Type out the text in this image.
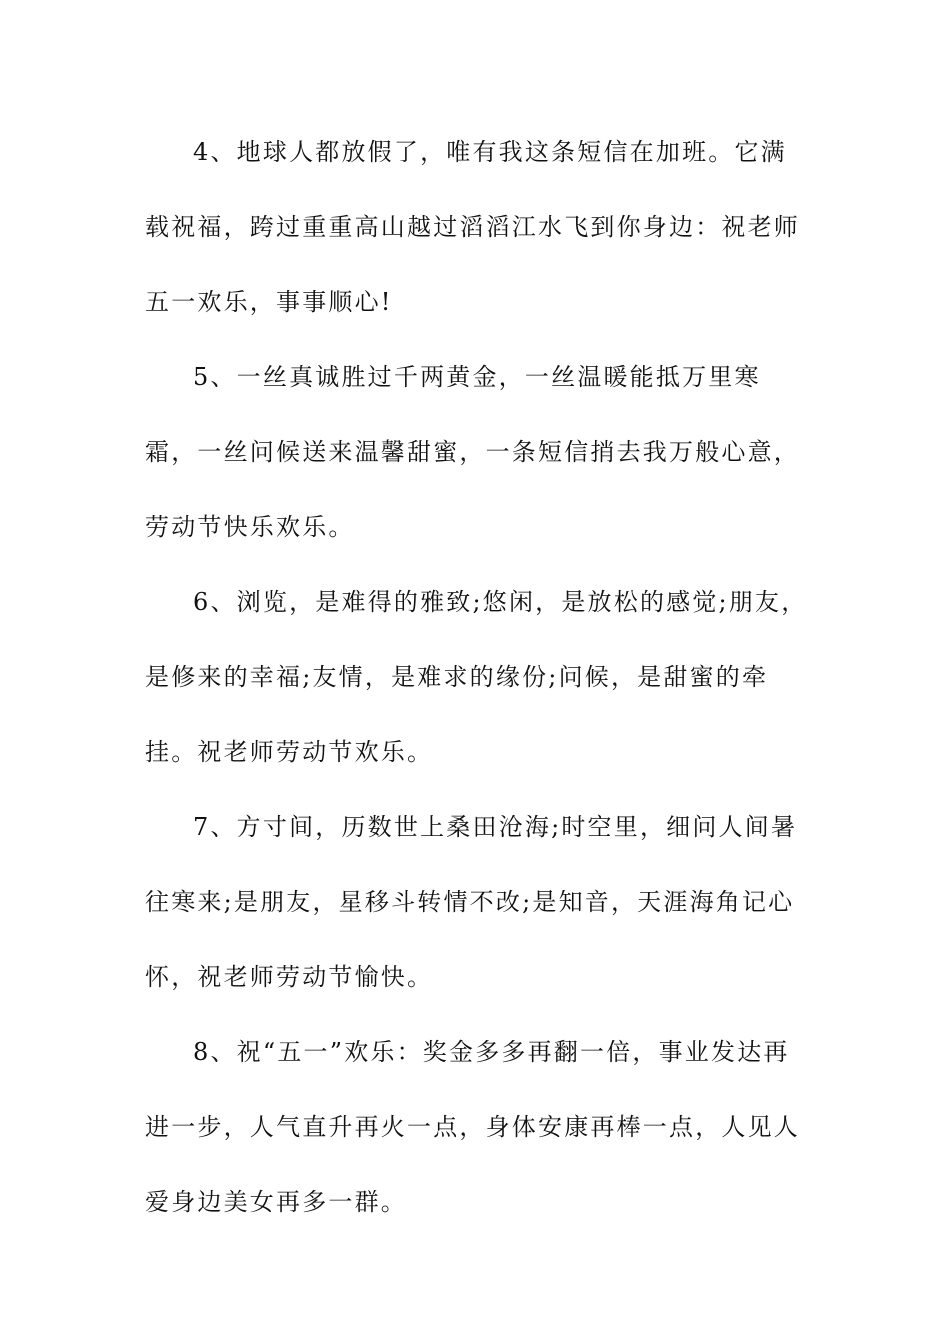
4、地球人都放假了，唯有我这条短信在加班。它满载祝福，跨过重重高山越过滔滔江水飞到你身边：祝老师五一欢乐，事事顺心!

5、一丝真诚胜过千两黄金，一丝温暖能抵万里寒霜，一丝问候送来温馨甜蜜，一条短信捎去我万般心意，劳动节快乐欢乐。

6、浏览，是难得的雅致;悠闲，是放松的感觉;朋友，是修来的幸福;友情，是难求的缘份;问候，是甜蜜的牵挂。祝老师劳动节欢乐。

7、方寸间，历数世上桑田沧海;时空里，细问人间暑往寒来;是朋友，星移斗转情不改;是知音，天涯海角记心怀，祝老师劳动节愉快。

8、祝“五一”欢乐：奖金多多再翻一倍，事业发达再进一步，人气直升再火一点，身体安康再棒一点，人见人爱身边美女再多一群。
